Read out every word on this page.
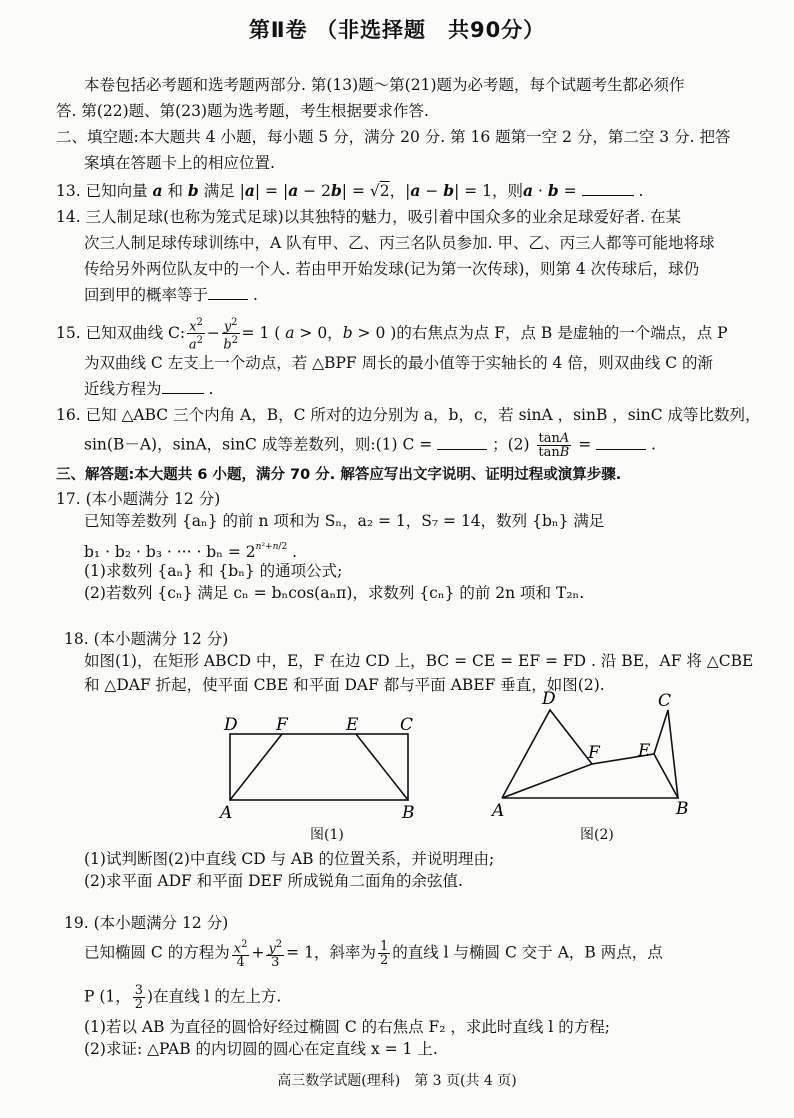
第Ⅱ卷 （非选择题　共90分）
本卷包括必考题和选考题两部分. 第(13)题～第(21)题为必考题，每个试题考生都必须作
答. 第(22)题、第(23)题为选考题，考生根据要求作答.
二、填空题:本大题共 4 小题，每小题 5 分，满分 20 分. 第 16 题第一空 2 分，第二空 3 分. 把答
案填在答题卡上的相应位置.
13. 已知向量 a 和 b 满足 |a| = |a − 2b| = √2，|a − b| = 1，则a · b =	.
14. 三人制足球(也称为笼式足球)以其独特的魅力，吸引着中国众多的业余足球爱好者. 在某
次三人制足球传球训练中，A 队有甲、乙、丙三名队员参加. 甲、乙、丙三人都等可能地将球
传给另外两位队友中的一个人. 若由甲开始发球(记为第一次传球)，则第 4 次传球后，球仍
回到甲的概率等于	.
15. 已知双曲线 C: $\frac{x^2}{a^2} - \frac{y^2}{b^2} = 1$ ( a > 0，b > 0 )的右焦点为点 F，点 B 是虚轴的一个端点，点 P
为双曲线 C 左支上一个动点，若 △BPF 周长的最小值等于实轴长的 4 倍，则双曲线 C 的渐
近线方程为	.
16. 已知 △ABC 三个内角 A，B，C 所对的边分别为 a，b，c，若 sinA ，sinB ，sinC 成等比数列，
sin(B－A)，sinA，sinC 成等差数列，则:(1) C =	；$(2) \frac{\tan A}{\tan B}$ =	.
三、解答题:本大题共 6 小题，满分 70 分. 解答应写出文字说明、证明过程或演算步骤.
17. (本小题满分 12 分)
已知等差数列 {aₙ} 的前 n 项和为 Sₙ，a₂ = 1，S₇ = 14，数列 {bₙ} 满足
b₁ · b₂ · b₃ · ··· · $b_n = 2^{n^2+n/2}$ .
(1)求数列 {aₙ} 和 {bₙ} 的通项公式;
(2)若数列 {cₙ} 满足 cₙ = bₙcos(aₙπ)，求数列 {cₙ} 的前 2n 项和 T₂ₙ.
18. (本小题满分 12 分)
如图(1)，在矩形 ABCD 中，E，F 在边 CD 上，BC = CE = EF = FD . 沿 BE，AF 将 △CBE
和 △DAF 折起，使平面 CBE 和平面 DAF 都与平面 ABEF 垂直，如图(2).
D F	E C
A	B
图(1)
D	C
F E
A	B
图(2)
(1)试判断图(2)中直线 CD 与 AB 的位置关系，并说明理由;
(2)求平面 ADF 和平面 DEF 所成锐角二面角的余弦值.
19. (本小题满分 12 分)
已知椭圆 C 的方程为 $\frac{x^2}{4} + \frac{y^2}{3} = 1$，斜率为 $\frac{1}{2}$ 的直线 l 与椭圆 C 交于 A，B 两点，点
P (1， $\frac{3}{2}$ )在直线 l 的左上方.
(1)若以 AB 为直径的圆恰好经过椭圆 C 的右焦点 F₂ ，求此时直线 l 的方程;
(2)求证: △PAB 的内切圆的圆心在定直线 x = 1 上.
高三数学试题(理科)　第 3 页(共 4 页)
